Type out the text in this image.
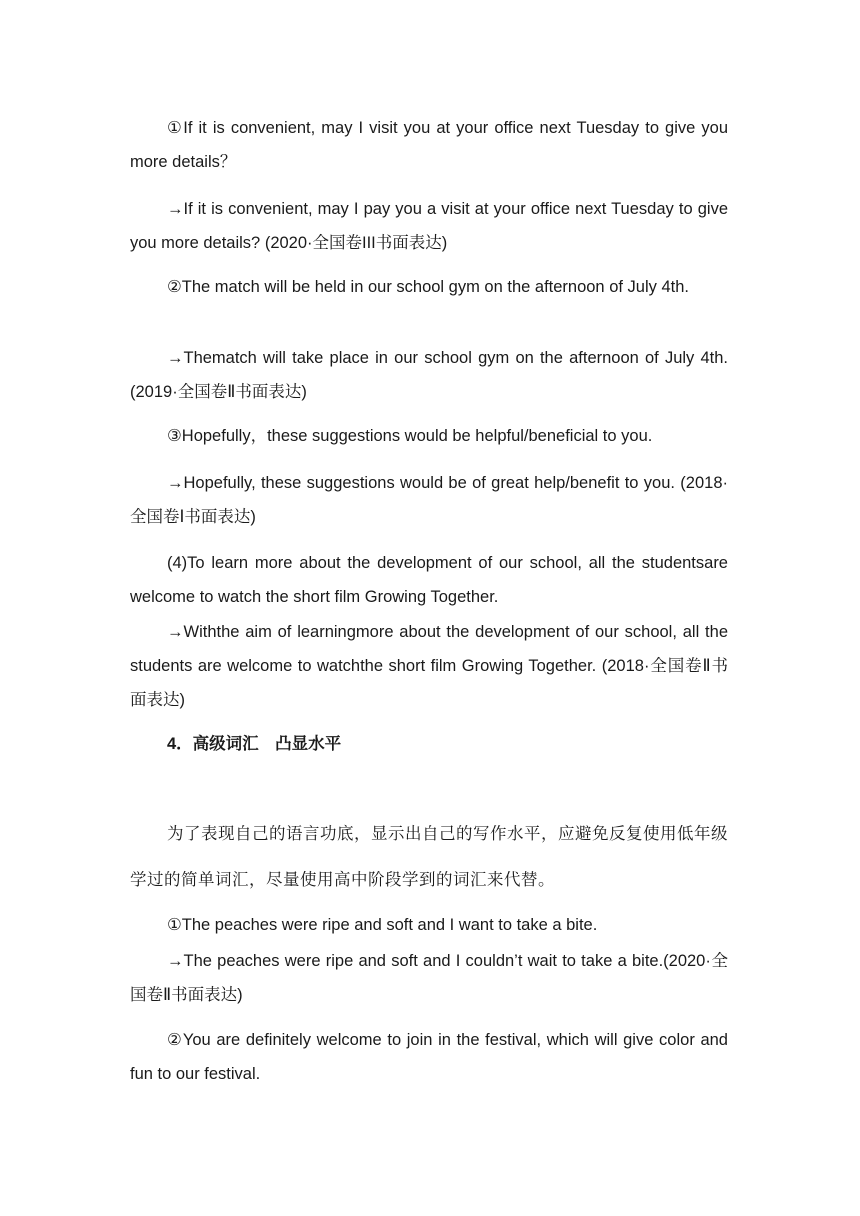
①If it is convenient, may I visit you at your office next Tuesday to give you more details？

→If it is convenient, may I pay you a visit at your office next Tuesday to give you more details? (2020·全国卷III书面表达)

②The match will be held in our school gym on the afternoon of July 4th.

→Thematch will take place in our school gym on the afternoon of July 4th. (2019·全国卷Ⅱ书面表达)

③Hopefully，these suggestions would be helpful/beneficial to you.

→Hopefully, these suggestions would be of great help/benefit to you. (2018·全国卷Ⅰ书面表达)

(4)To learn more about the development of our school, all the studentsare welcome to watch the short film Growing Together.

→Withthe aim of learningmore about the development of our school, all the students are welcome to watchthe short film Growing Together. (2018·全国卷Ⅱ书面表达)

4．高级词汇　凸显水平

为了表现自己的语言功底，显示出自己的写作水平，应避免反复使用低年级学过的简单词汇，尽量使用高中阶段学到的词汇来代替。

①The peaches were ripe and soft and I want to take a bite.

→The peaches were ripe and soft and I couldn’t wait to take a bite.(2020·全国卷Ⅱ书面表达)

②You are definitely welcome to join in the festival, which will give color and fun to our festival.
